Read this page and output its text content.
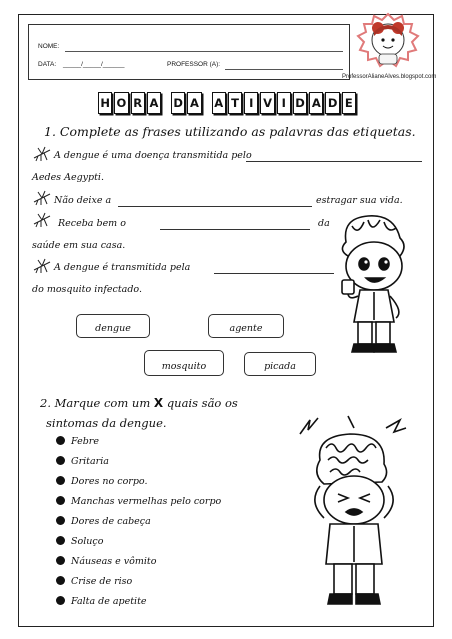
NOME:
DATA: _____/_____/______	PROFESSOR (A):
ProfessorAlianeAlves.blogspot.com
H O R A D A A T I V I D A D E
1. Complete as frases utilizando as palavras das etiquetas.
A dengue é uma doença transmitida pelo
Aedes Aegypti.
Não deixe a	estragar sua vida.
Receba bem o	da
saúde em sua casa.
A dengue é transmitida pela
do mosquito infectado.
dengue	agente
mosquito	picada
2. Marque com um X quais são os
sintomas da dengue.
Febre
Gritaria
Dores no corpo.
Manchas vermelhas pelo corpo
Dores de cabeça
Soluço
Náuseas e vômito
Crise de riso
Falta de apetite
